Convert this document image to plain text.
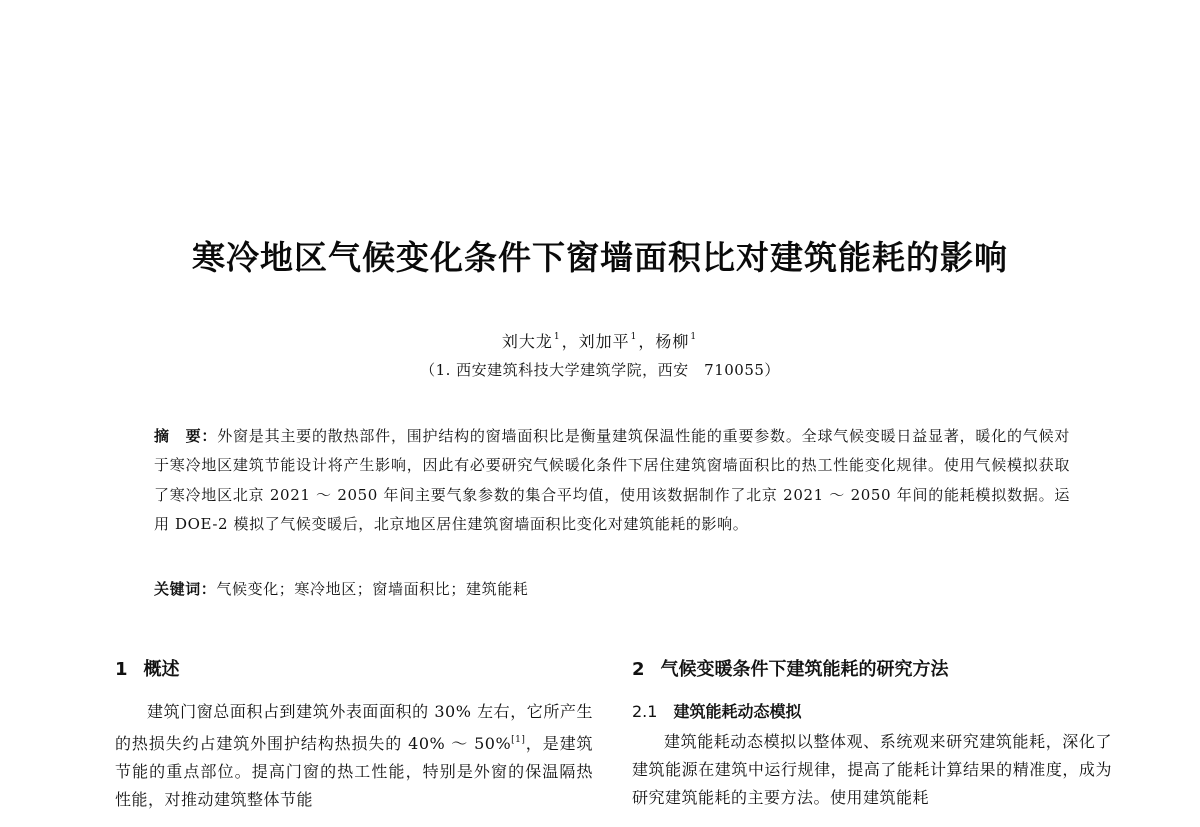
寒冷地区气候变化条件下窗墙面积比对建筑能耗的影响
刘大龙$^1$，刘加平$^1$，杨柳$^1$
（1. 西安建筑科技大学建筑学院，西安　710055）
摘　要：外窗是其主要的散热部件，围护结构的窗墙面积比是衡量建筑保温性能的重要参数。全球气候变暖日益显著，暖化的气候对于寒冷地区建筑节能设计将产生影响，因此有必要研究气候暖化条件下居住建筑窗墙面积比的热工性能变化规律。使用气候模拟获取了寒冷地区北京 2021 ～ 2050 年间主要气象参数的集合平均值，使用该数据制作了北京 2021 ～ 2050 年间的能耗模拟数据。运用 DOE-2 模拟了气候变暖后，北京地区居住建筑窗墙面积比变化对建筑能耗的影响。
关键词：气候变化；寒冷地区；窗墙面积比；建筑能耗
1 概述
建筑门窗总面积占到建筑外表面面积的 30% 左右，它所产生的热损失约占建筑外围护结构热损失的 40% ～ 50%[1]，是建筑节能的重点部位。提高门窗的热工性能，特别是外窗的保温隔热性能，对推动建筑整体节能
2 气候变暖条件下建筑能耗的研究方法
2.1 建筑能耗动态模拟
建筑能耗动态模拟以整体观、系统观来研究建筑能耗，深化了建筑能源在建筑中运行规律，提高了能耗计算结果的精准度，成为研究建筑能耗的主要方法。使用建筑能耗
